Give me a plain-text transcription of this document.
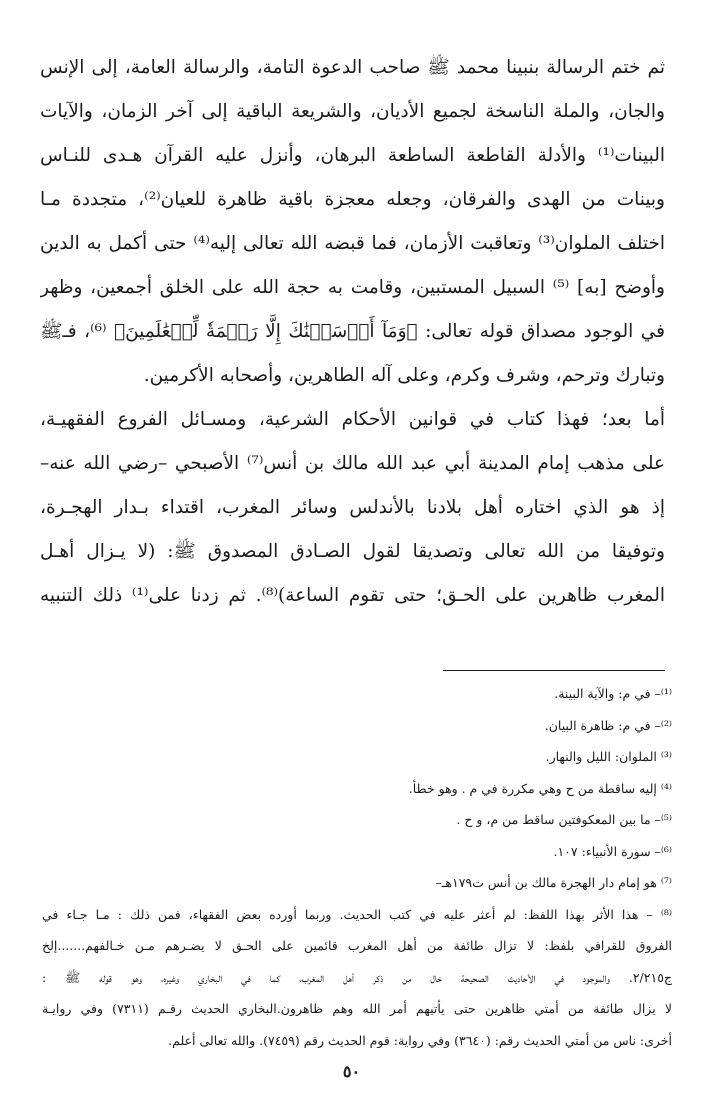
ثم ختم الرسالة بنبينا محمد ﷺ صاحب الدعوة التامة، والرسالة العامة، إلى الإنس
والجان، والملة الناسخة لجميع الأديان، والشريعة الباقية إلى آخر الزمان، والآيات
البينات⁽¹⁾ والأدلة القاطعة الساطعة البرهان، وأنزل عليه القرآن هـدى للنـاس
وبينات من الهدى والفرقان، وجعله معجزة باقية ظاهرة للعيان⁽²⁾، متجددة مـا
اختلف الملوان⁽³⁾ وتعاقبت الأزمان، فما قبضه الله تعالى إليه⁽⁴⁾ حتى أكمل به الدين
وأوضح [به] ⁽⁵⁾ السبيل المستبين، وقامت به حجة الله على الخلق أجمعين، وظهر
في الوجود مصداق قوله تعالى: ﴿وَمَآ أَرۡسَلۡنَٰكَ إِلَّا رَحۡمَةٗ لِّلۡعَٰلَمِينَ﴾ ⁽⁶⁾، فـﷺ
وتبارك وترحم، وشرف وكرم، وعلى آله الطاهرين، وأصحابه الأكرمين.
أما بعد؛ فهذا كتاب في قوانين الأحكام الشرعية، ومسـائل الفروع الفقهيـة،
على مذهب إمام المدينة أبي عبد الله مالك بن أنس⁽⁷⁾ الأصبحي –رضي الله عنه–
إذ هو الذي اختاره أهل بلادنا بالأندلس وسائر المغرب، اقتداء بـدار الهجـرة،
وتوفيقا من الله تعالى وتصديقا لقول الصـادق المصدوق ﷺ: (لا يـزال أهـل
المغرب ظاهرين على الحـق؛ حتى تقوم الساعة)⁽⁸⁾. ثم زدنا على⁽¹⁾ ذلك التنبيه
⁽¹⁾– في م: والآية البينة.
⁽²⁾– في م: ظاهرة البيان.
⁽³⁾ الملوان: الليل والنهار.
⁽⁴⁾ إليه ساقطة من ح وهي مكررة في م . وهو خطأ.
⁽⁵⁾– ما بين المعكوفتين ساقط من م، و ح .
⁽⁶⁾– سورة الأنبياء: ١٠٧.
⁽⁷⁾ هو إمام دار الهجرة مالك بن أنس ت١٧٩هـ–
⁽⁸⁾ – هذا الأثر بهذا اللفظ: لم أعثر عليه في كتب الحديث. وربما أورده بعض الفقهاء، فمن ذلك : مـا جـاء في
الفروق للقرافي بلفظ: لا تزال طائفة من أهل المغرب قائمين على الحـق لا يضـرهم مـن خـالفهم.......إلخ
ج٢/٢١٥. والموجود في الأحاديث الصحيحة خال من ذكر أهل المغرب، كما في البخاري وغيره، وهو قوله ﷺ :
لا يزال طائفة من أمتي ظاهرين حتى يأتيهم أمر الله وهم ظاهرون.البخاري الحديث رقـم (٧٣١١) وفي روايـة
أخرى: ناس من أمتي الحديث رقم: (٣٦٤٠) وفي رواية: قوم الحديث رقم (٧٤٥٩). والله تعالى أعلم.
٥٠
